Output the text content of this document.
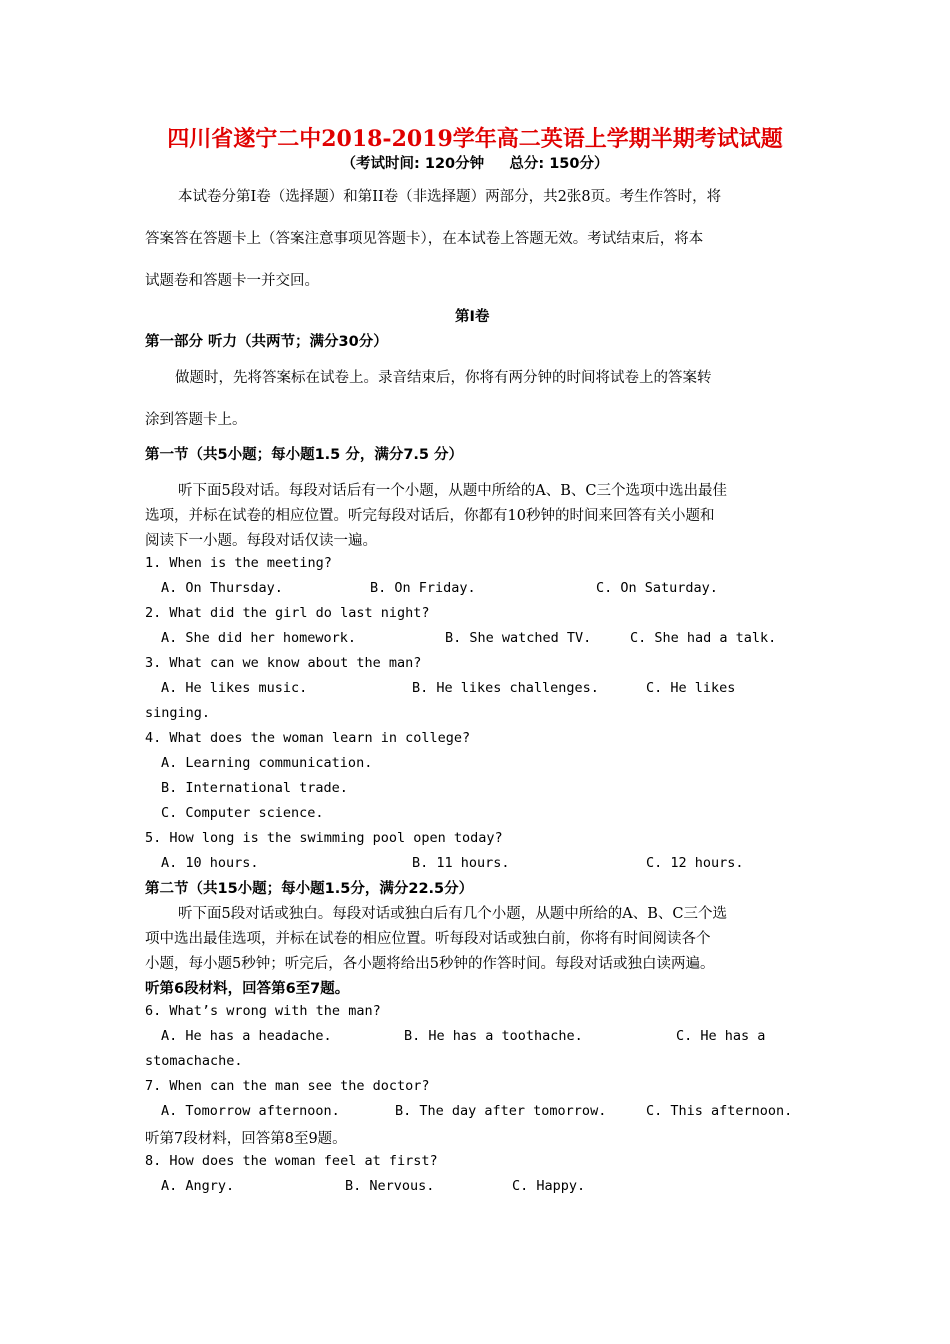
四川省遂宁二中2018-2019学年高二英语上学期半期考试试题
（考试时间: 120分钟     总分: 150分）
本试卷分第I卷（选择题）和第II卷（非选择题）两部分，共2张8页。考生作答时，将
答案答在答题卡上（答案注意事项见答题卡），在本试卷上答题无效。考试结束后，将本
试题卷和答题卡一并交回。
第I卷
第一部分 听力（共两节；满分30分）
做题时，先将答案标在试卷上。录音结束后，你将有两分钟的时间将试卷上的答案转
涂到答题卡上。
第一节（共5小题；每小题1.5 分，满分7.5 分）
听下面5段对话。每段对话后有一个小题，从题中所给的A、B、C三个选项中选出最佳
选项，并标在试卷的相应位置。听完每段对话后，你都有10秒钟的时间来回答有关小题和
阅读下一小题。每段对话仅读一遍。
1. When is the meeting?
A. On Thursday.	B. On Friday.	C. On Saturday.
2. What did the girl do last night?
A. She did her homework.	B. She watched TV.	C. She had a talk.
3. What can we know about the man?
A. He likes music.	B. He likes challenges.	C. He likes
singing.
4. What does the woman learn in college?
A. Learning communication.
B. International trade.
C. Computer science.
5. How long is the swimming pool open today?
A. 10 hours.	B. 11 hours.	C. 12 hours.
第二节（共15小题；每小题1.5分，满分22.5分）
听下面5段对话或独白。每段对话或独白后有几个小题，从题中所给的A、B、C三个选
项中选出最佳选项，并标在试卷的相应位置。听每段对话或独白前，你将有时间阅读各个
小题，每小题5秒钟；听完后，各小题将给出5秒钟的作答时间。每段对话或独白读两遍。
听第6段材料，回答第6至7题。
6. What’s wrong with the man?
A. He has a headache.	B. He has a toothache.	C. He has a
stomachache.
7. When can the man see the doctor?
A. Tomorrow afternoon.	B. The day after tomorrow.	C. This afternoon.
听第7段材料，回答第8至9题。
8. How does the woman feel at first?
A. Angry.	B. Nervous.	C. Happy.
